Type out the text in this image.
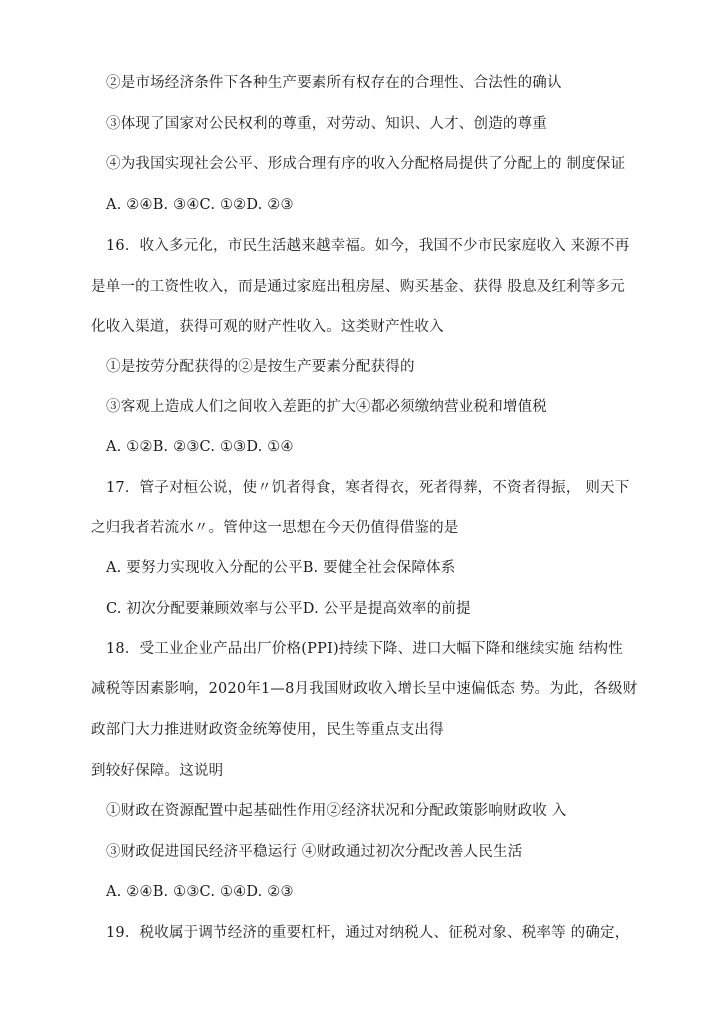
②是市场经济条件下各种生产要素所有权存在的合理性、合法性的确认
③体现了国家对公民权利的尊重，对劳动、知识、人才、创造的尊重
④为我国实现社会公平、形成合理有序的收入分配格局提供了分配上的 制度保证
A. ②④B. ③④C. ①②D. ②③
16．收入多元化，市民生活越来越幸福。如今，我国不少市民家庭收入 来源不再
是单一的工资性收入，而是通过家庭出租房屋、购买基金、获得 股息及红利等多元
化收入渠道，获得可观的财产性收入。这类财产性收入
①是按劳分配获得的②是按生产要素分配获得的
③客观上造成人们之间收入差距的扩大④都必须缴纳营业税和增值税
A. ①②B. ②③C. ①③D. ①④
17．管子对桓公说，使〃饥者得食，寒者得衣，死者得葬，不资者得振， 则天下
之归我者若流水〃。管仲这一思想在今天仍值得借鉴的是
A. 要努力实现收入分配的公平B. 要健全社会保障体系
C. 初次分配要兼顾效率与公平D. 公平是提高效率的前提
18．受工业企业产品出厂价格(PPI)持续下降、进口大幅下降和继续实施 结构性
减税等因素影响，2020年1—8月我国财政收入增长呈中速偏低态 势。为此，各级财
政部门大力推进财政资金统筹使用，民生等重点支出得
到较好保障。这说明
①财政在资源配置中起基础性作用②经济状况和分配政策影响财政收 入
③财政促进国民经济平稳运行 ④财政通过初次分配改善人民生活
A. ②④B. ①③C. ①④D. ②③
19．税收属于调节经济的重要杠杆，通过对纳税人、征税对象、税率等 的确定，
